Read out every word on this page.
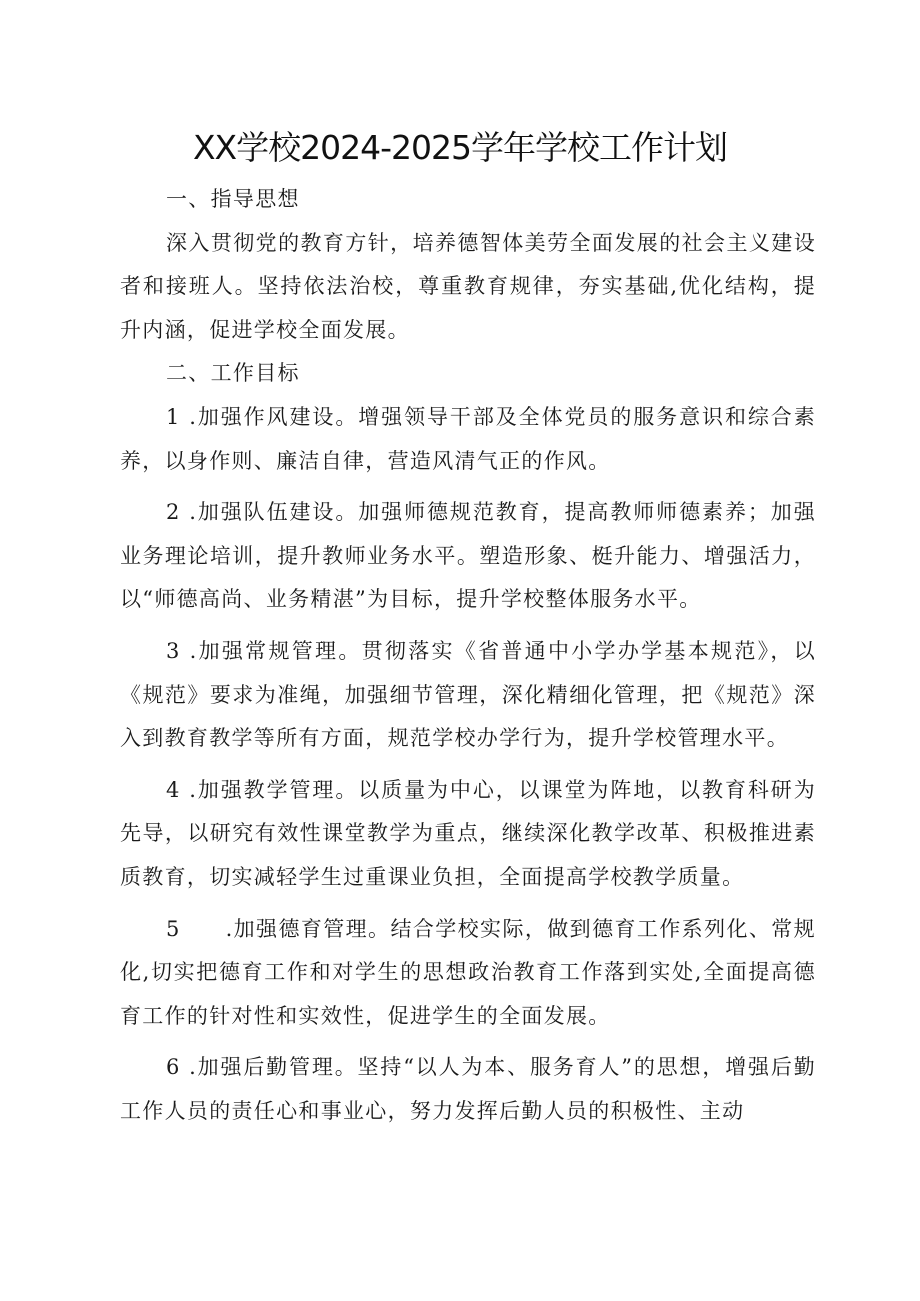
XX学校2024-2025学年学校工作计划

一、指导思想

深入贯彻党的教育方针，培养德智体美劳全面发展的社会主义建设者和接班人。坚持依法治校，尊重教育规律，夯实基础,优化结构，提升内涵，促进学校全面发展。

二、工作目标

1 .加强作风建设。增强领导干部及全体党员的服务意识和综合素养，以身作则、廉洁自律，营造风清气正的作风。

2 .加强队伍建设。加强师德规范教育，提高教师师德素养；加强业务理论培训，提升教师业务水平。塑造形象、梃升能力、增强活力，以“师德高尚、业务精湛”为目标，提升学校整体服务水平。

3 .加强常规管理。贯彻落实《省普通中小学办学基本规范》，以《规范》要求为准绳，加强细节管理，深化精细化管理，把《规范》深入到教育教学等所有方面，规范学校办学行为，提升学校管理水平。

4 .加强教学管理。以质量为中心，以课堂为阵地，以教育科研为先导，以研究有效性课堂教学为重点，继续深化教学改革、积极推进素质教育，切实减轻学生过重课业负担，全面提高学校教学质量。

5　　.加强德育管理。结合学校实际，做到德育工作系列化、常规化,切实把德育工作和对学生的思想政治教育工作落到实处,全面提高德育工作的针对性和实效性，促进学生的全面发展。

6 .加强后勤管理。坚持“以人为本、服务育人”的思想，增强后勤工作人员的责任心和事业心，努力发挥后勤人员的积极性、主动
